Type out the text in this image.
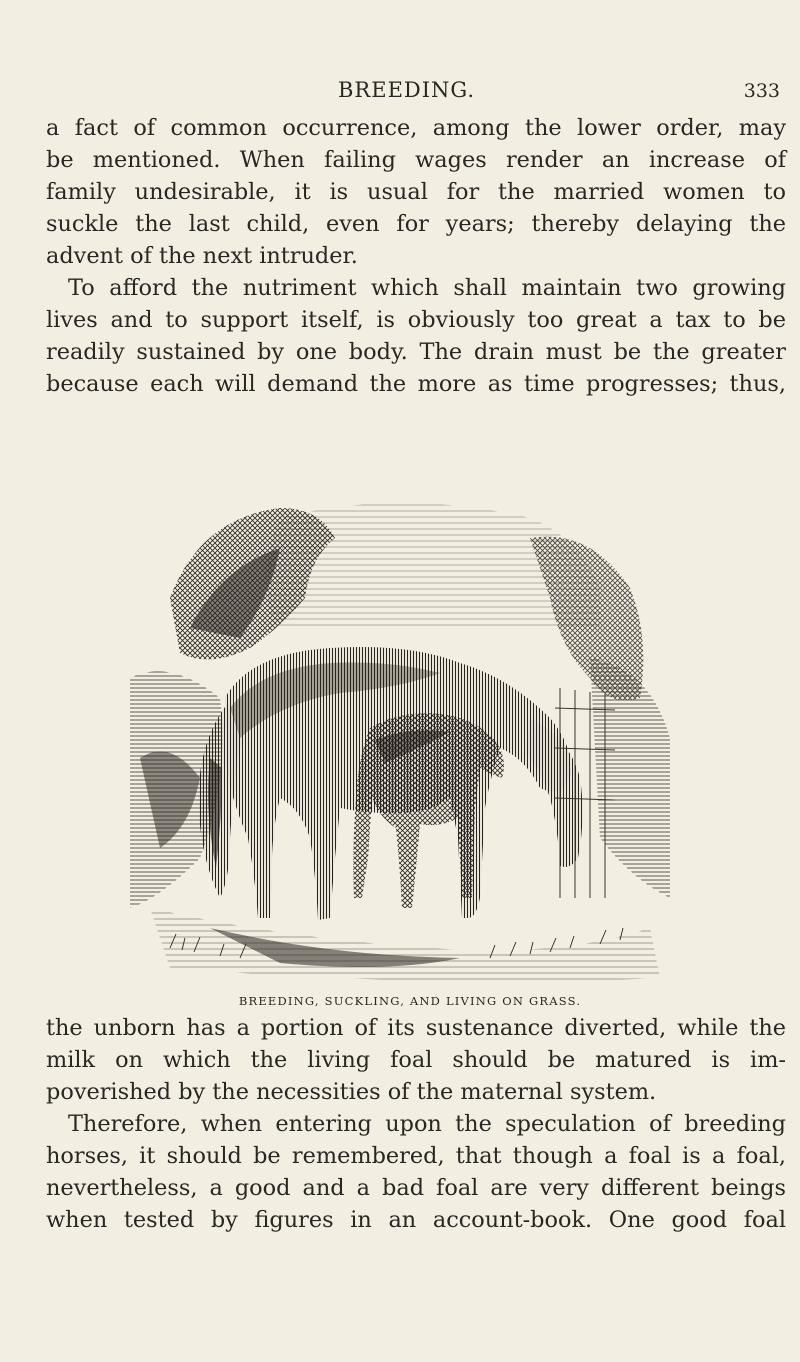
BREEDING.	333
a fact of common occurrence, among the lower order, may
be mentioned. When failing wages render an increase of
family undesirable, it is usual for the married women to
suckle the last child, even for years; thereby delaying the
advent of the next intruder.
To afford the nutriment which shall maintain two growing
lives and to support itself, is obviously too great a tax to be
readily sustained by one body. The drain must be the greater
because each will demand the more as time progresses; thus,
BREEDING, SUCKLING, AND LIVING ON GRASS.
the unborn has a portion of its sustenance diverted, while the
milk on which the living foal should be matured is im-
poverished by the necessities of the maternal system.
Therefore, when entering upon the speculation of breeding
horses, it should be remembered, that though a foal is a foal,
nevertheless, a good and a bad foal are very different beings
when tested by figures in an account-book. One good foal
